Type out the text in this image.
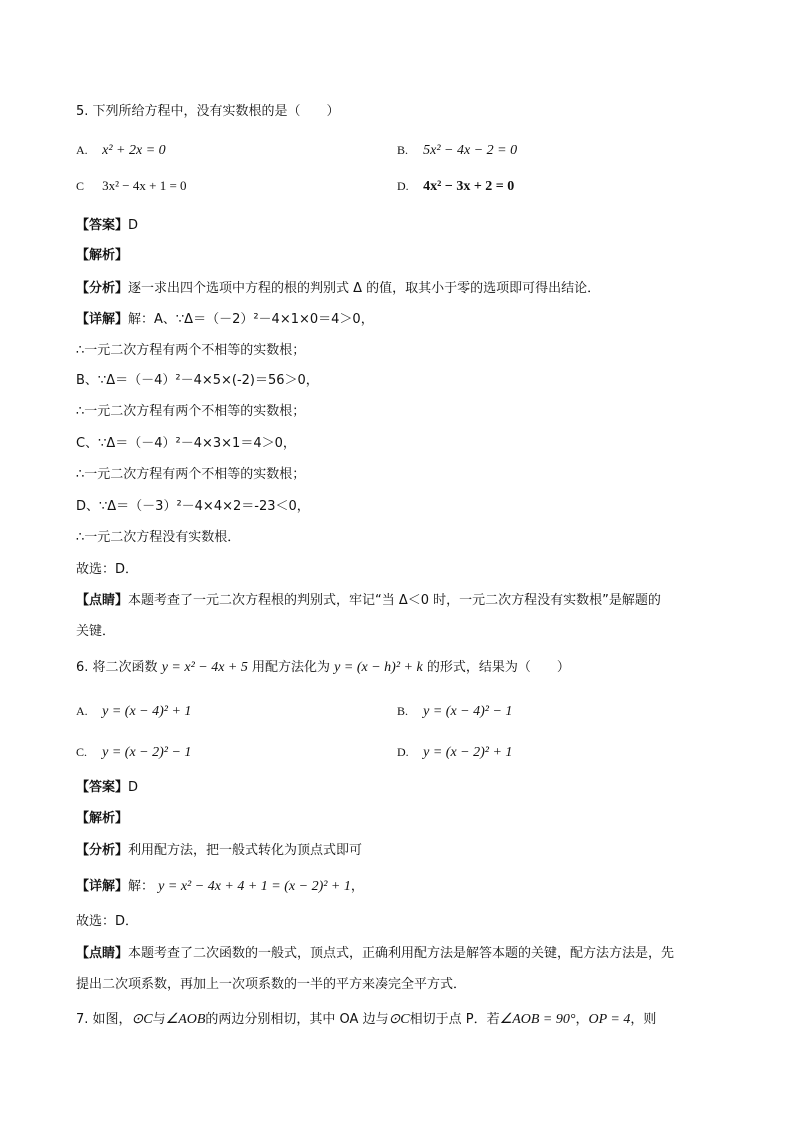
5. 下列所给方程中，没有实数根的是（　　）
A. x² + 2x = 0	B. 5x² − 4x − 2 = 0
C 3x² − 4x + 1 = 0	D. 4x² − 3x + 2 = 0
【答案】D
【解析】
【分析】逐一求出四个选项中方程的根的判别式 Δ 的值，取其小于零的选项即可得出结论．
【详解】解：A、∵Δ＝（－2）²－4×1×0＝4＞0，
∴一元二次方程有两个不相等的实数根；
B、∵Δ＝（－4）²－4×5×(-2)＝56＞0，
∴一元二次方程有两个不相等的实数根；
C、∵Δ＝（－4）²－4×3×1＝4＞0，
∴一元二次方程有两个不相等的实数根；
D、∵Δ＝（－3）²－4×4×2＝-23＜0，
∴一元二次方程没有实数根．
故选：D．
【点睛】本题考查了一元二次方程根的判别式，牢记“当 Δ＜0 时，一元二次方程没有实数根”是解题的
关键．
6. 将二次函数 y = x² − 4x + 5 用配方法化为 y = (x − h)² + k 的形式，结果为（　　）
A. y = (x − 4)² + 1	B. y = (x − 4)² − 1
C. y = (x − 2)² − 1	D. y = (x − 2)² + 1
【答案】D
【解析】
【分析】利用配方法，把一般式转化为顶点式即可
【详解】解： y = x² − 4x + 4 + 1 = (x − 2)² + 1，
故选：D．
【点睛】本题考查了二次函数的一般式，顶点式，正确利用配方法是解答本题的关键，配方法方法是，先
提出二次项系数，再加上一次项系数的一半的平方来凑完全平方式．
7. 如图，⊙C与∠AOB的两边分别相切，其中 OA 边与⊙C相切于点 P．若∠AOB = 90°，OP = 4，则
